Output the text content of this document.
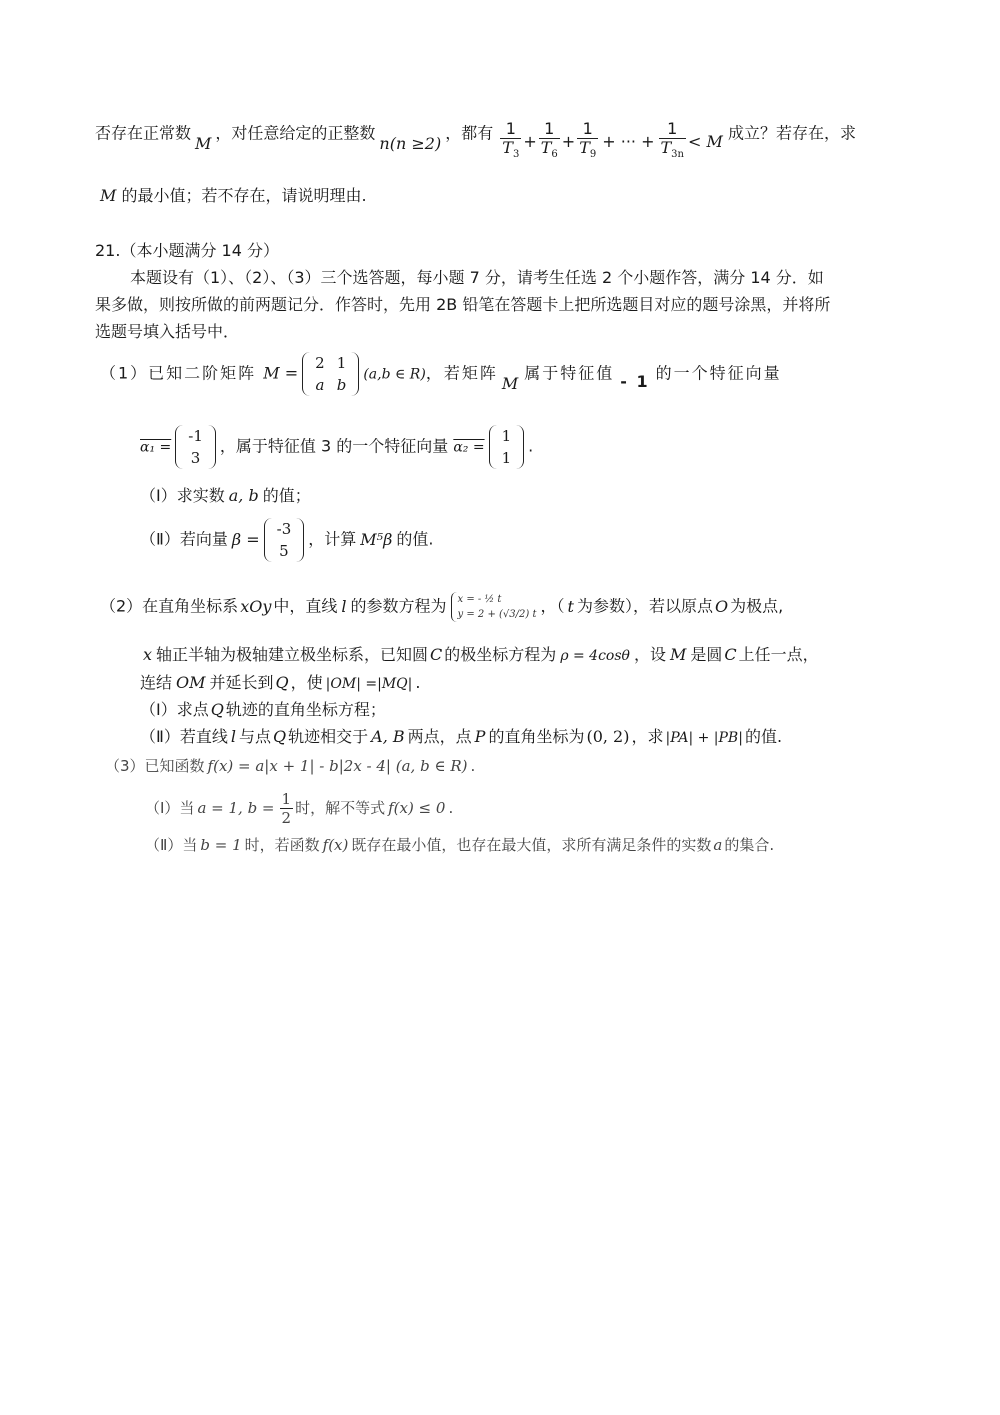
否存在正常数M，对任意给定的正整数n(n ≥2)，都有 $\frac{1}{T_3} + \frac{1}{T_6} + \frac{1}{T_9}$ + ··· + $\frac{1}{T_{3n}} < M$ 成立？若存在，求
M 的最小值；若不存在，请说明理由.
21.（本小题满分 14 分）
本题设有（1）、（2）、（3）三个选答题，每小题 7 分，请考生任选 2 个小题作答，满分 14 分．如
果多做，则按所做的前两题记分．作答时，先用 2B 铅笔在答题卡上把所选题目对应的题号涂黑，并将所
选题号填入括号中．
（1）已知二阶矩阵 M =
2	1
a	b
(a,b ∈ R)，若矩阵M属于特征值 - 1 的一个特征向量
α₁ =
-1
3
，属于特征值 3 的一个特征向量 α₂ =
1
1
.
（Ⅰ）求实数 a, b 的值；
（Ⅱ）若向量 β =
-3
5
，计算 M⁵β 的值.
（2）在直角坐标系 xOy 中，直线 l 的参数方程为 x = - ½ t
y = 2 + (√3/2) t ，（ t 为参数），若以原点 O 为极点,
x 轴正半轴为极轴建立极坐标系，已知圆 C 的极坐标方程为 ρ = 4cosθ ，设 M 是圆 C 上任一点，
连结 OM 并延长到 Q ，使 |OM| =|MQ| .
（Ⅰ）求点 Q 轨迹的直角坐标方程；
（Ⅱ）若直线 l 与点 Q 轨迹相交于 A, B 两点，点 P 的直角坐标为 (0, 2) ，求 |PA| + |PB| 的值.
（3）已知函数 f(x) = a|x + 1| - b|2x - 4| (a, b ∈ R) .
（Ⅰ）当 a = 1, $b = \frac{1}{2}$ 时，解不等式 f(x) ≤ 0 .
（Ⅱ）当 b = 1 时，若函数 f(x) 既存在最小值，也存在最大值，求所有满足条件的实数 a 的集合.
